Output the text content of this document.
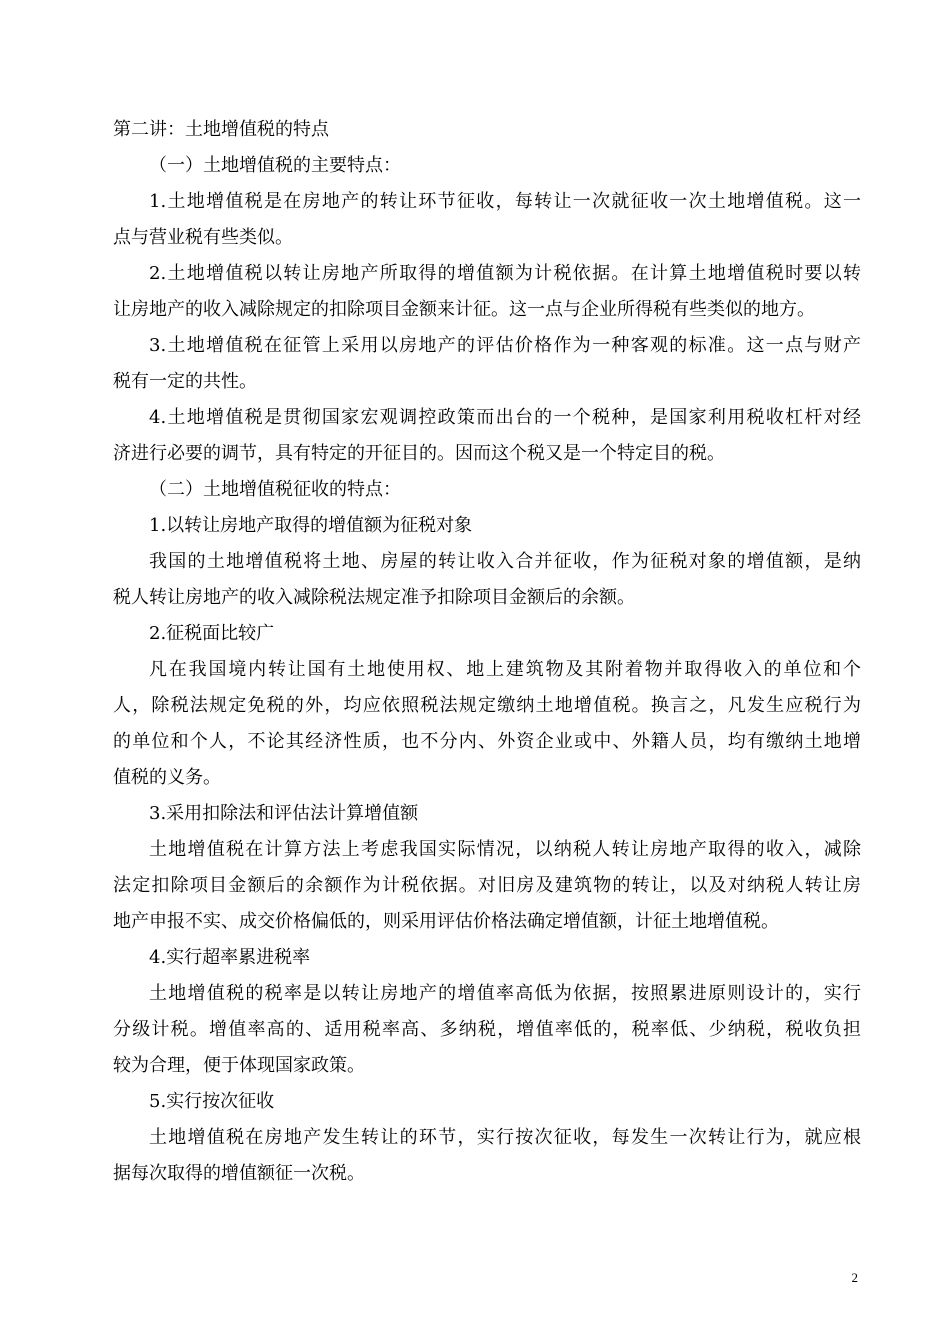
第二讲：土地增值税的特点
（一）土地增值税的主要特点：
1.土地增值税是在房地产的转让环节征收，每转让一次就征收一次土地增值税。这一
点与营业税有些类似。
2.土地增值税以转让房地产所取得的增值额为计税依据。在计算土地增值税时要以转
让房地产的收入减除规定的扣除项目金额来计征。这一点与企业所得税有些类似的地方。
3.土地增值税在征管上采用以房地产的评估价格作为一种客观的标准。这一点与财产
税有一定的共性。
4.土地增值税是贯彻国家宏观调控政策而出台的一个税种，是国家利用税收杠杆对经
济进行必要的调节，具有特定的开征目的。因而这个税又是一个特定目的税。
（二）土地增值税征收的特点：
1.以转让房地产取得的增值额为征税对象
我国的土地增值税将土地、房屋的转让收入合并征收，作为征税对象的增值额，是纳
税人转让房地产的收入减除税法规定准予扣除项目金额后的余额。
2.征税面比较广
凡在我国境内转让国有土地使用权、地上建筑物及其附着物并取得收入的单位和个
人，除税法规定免税的外，均应依照税法规定缴纳土地增值税。换言之，凡发生应税行为
的单位和个人，不论其经济性质，也不分内、外资企业或中、外籍人员，均有缴纳土地增
值税的义务。
3.采用扣除法和评估法计算增值额
土地增值税在计算方法上考虑我国实际情况，以纳税人转让房地产取得的收入，减除
法定扣除项目金额后的余额作为计税依据。对旧房及建筑物的转让，以及对纳税人转让房
地产申报不实、成交价格偏低的，则采用评估价格法确定增值额，计征土地增值税。
4.实行超率累进税率
土地增值税的税率是以转让房地产的增值率高低为依据，按照累进原则设计的，实行
分级计税。增值率高的、适用税率高、多纳税，增值率低的，税率低、少纳税，税收负担
较为合理，便于体现国家政策。
5.实行按次征收
土地增值税在房地产发生转让的环节，实行按次征收，每发生一次转让行为，就应根
据每次取得的增值额征一次税。
2
